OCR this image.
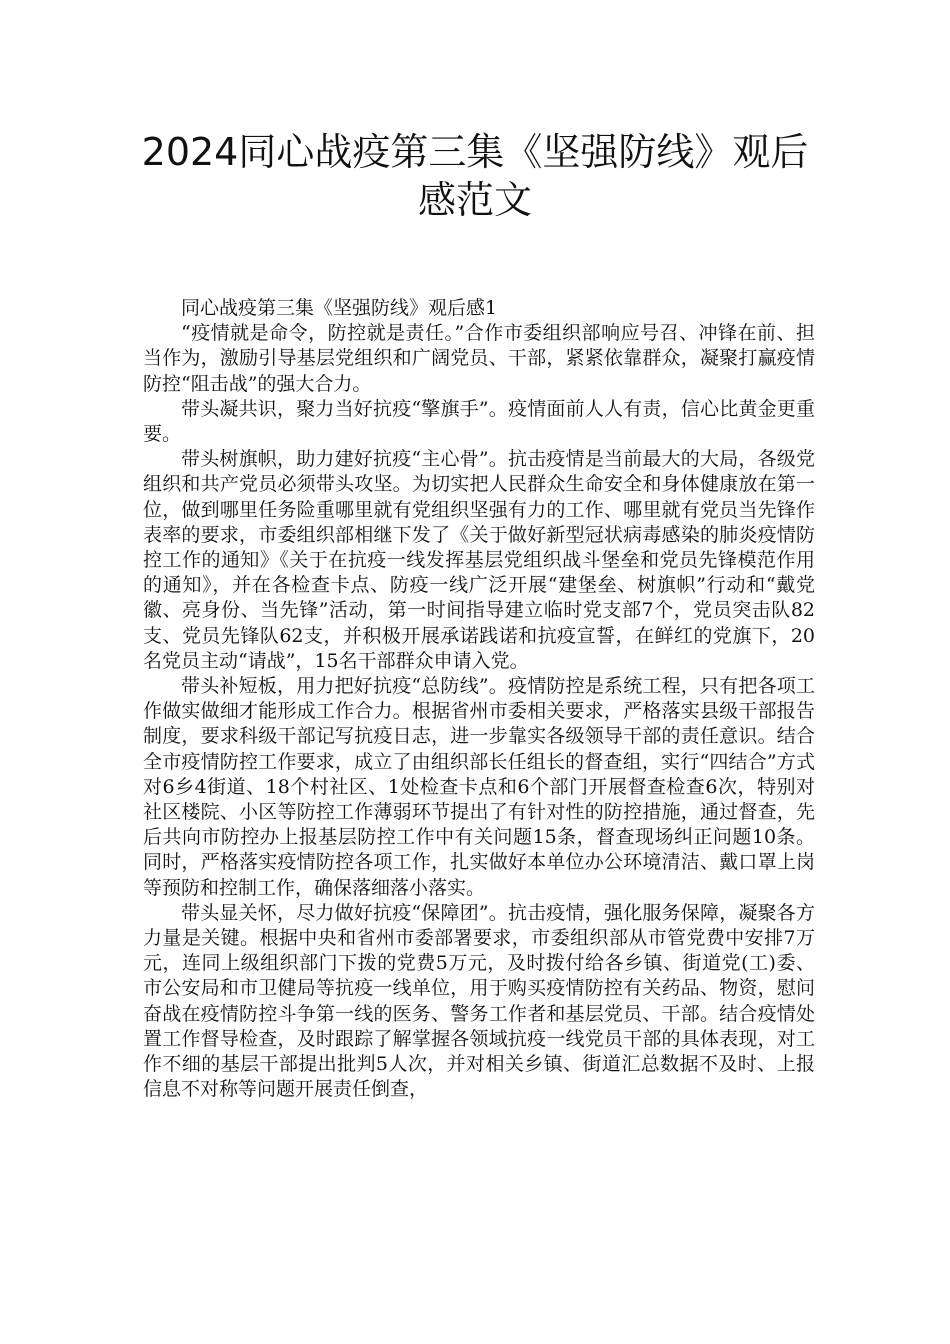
2024同心战疫第三集《坚强防线》观后
感范文

同心战疫第三集《坚强防线》观后感1

“疫情就是命令，防控就是责任。”合作市委组织部响应号召、冲锋在前、担当作为，激励引导基层党组织和广阔党员、干部，紧紧依靠群众，凝聚打赢疫情防控“阻击战”的强大合力。

带头凝共识，聚力当好抗疫“擎旗手”。疫情面前人人有责，信心比黄金更重要。

带头树旗帜，助力建好抗疫“主心骨”。抗击疫情是当前最大的大局，各级党组织和共产党员必须带头攻坚。为切实把人民群众生命安全和身体健康放在第一位，做到哪里任务险重哪里就有党组织坚强有力的工作、哪里就有党员当先锋作表率的要求，市委组织部相继下发了《关于做好新型冠状病毒感染的肺炎疫情防控工作的通知》《关于在抗疫一线发挥基层党组织战斗堡垒和党员先锋模范作用的通知》，并在各检查卡点、防疫一线广泛开展“建堡垒、树旗帜”行动和“戴党徽、亮身份、当先锋”活动，第一时间指导建立临时党支部7个，党员突击队82支、党员先锋队62支，并积极开展承诺践诺和抗疫宣誓，在鲜红的党旗下，20名党员主动“请战”，15名干部群众申请入党。

带头补短板，用力把好抗疫“总防线”。疫情防控是系统工程，只有把各项工作做实做细才能形成工作合力。根据省州市委相关要求，严格落实县级干部报告制度，要求科级干部记写抗疫日志，进一步靠实各级领导干部的责任意识。结合全市疫情防控工作要求，成立了由组织部长任组长的督查组，实行“四结合”方式对6乡4街道、18个村社区、1处检查卡点和6个部门开展督查检查6次，特别对社区楼院、小区等防控工作薄弱环节提出了有针对性的防控措施，通过督查，先后共向市防控办上报基层防控工作中有关问题15条，督查现场纠正问题10条。同时，严格落实疫情防控各项工作，扎实做好本单位办公环境清洁、戴口罩上岗等预防和控制工作，确保落细落小落实。

带头显关怀，尽力做好抗疫“保障团”。抗击疫情，强化服务保障，凝聚各方力量是关键。根据中央和省州市委部署要求，市委组织部从市管党费中安排7万元，连同上级组织部门下拨的党费5万元，及时拨付给各乡镇、街道党(工)委、市公安局和市卫健局等抗疫一线单位，用于购买疫情防控有关药品、物资，慰问奋战在疫情防控斗争第一线的医务、警务工作者和基层党员、干部。结合疫情处置工作督导检查，及时跟踪了解掌握各领域抗疫一线党员干部的具体表现，对工作不细的基层干部提出批判5人次，并对相关乡镇、街道汇总数据不及时、上报信息不对称等问题开展责任倒查，
